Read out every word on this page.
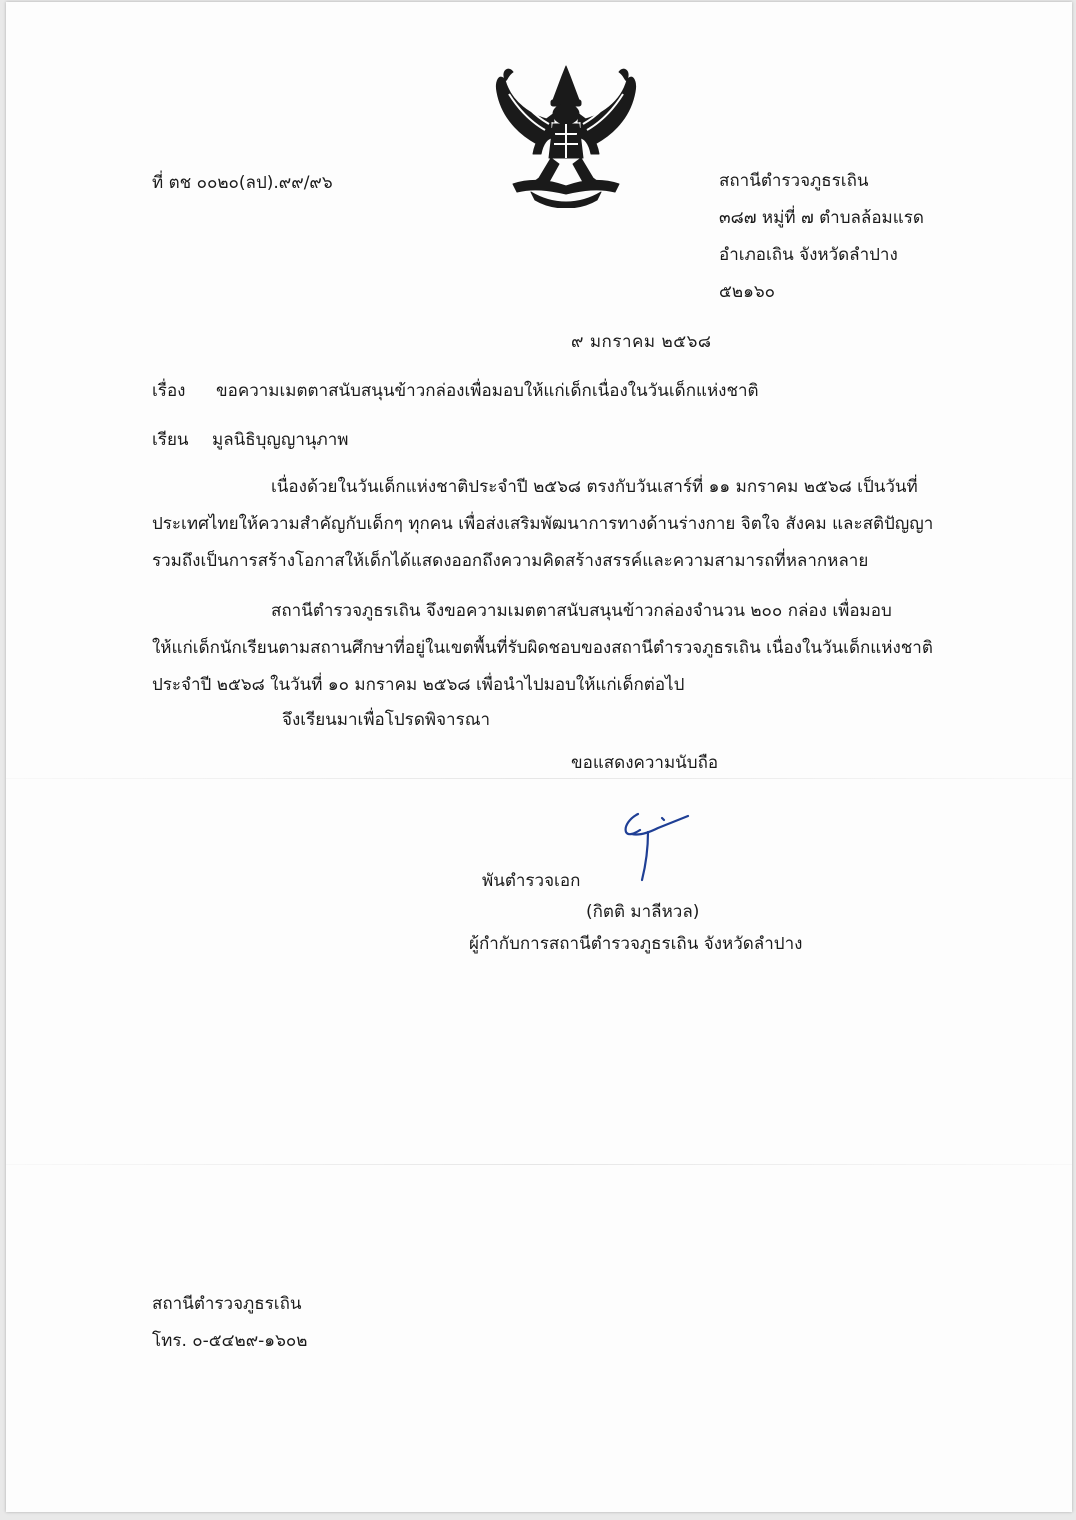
ที่ ตช ๐๐๒๐(ลป).๙๙/๙๖	สถานีตำรวจภูธรเถิน
๓๘๗ หมู่ที่ ๗ ตำบลล้อมแรด
อำเภอเถิน จังหวัดลำปาง
๕๒๑๖๐
๙ มกราคม ๒๕๖๘
เรื่อง ขอความเมตตาสนับสนุนข้าวกล่องเพื่อมอบให้แก่เด็กเนื่องในวันเด็กแห่งชาติ
เรียน มูลนิธิบุญญานุภาพ
เนื่องด้วยในวันเด็กแห่งชาติประจำปี ๒๕๖๘ ตรงกับวันเสาร์ที่ ๑๑ มกราคม ๒๕๖๘ เป็นวันที่
ประเทศไทยให้ความสำคัญกับเด็กๆ ทุกคน เพื่อส่งเสริมพัฒนาการทางด้านร่างกาย จิตใจ สังคม และสติปัญญา
รวมถึงเป็นการสร้างโอกาสให้เด็กได้แสดงออกถึงความคิดสร้างสรรค์และความสามารถที่หลากหลาย
สถานีตำรวจภูธรเถิน จึงขอความเมตตาสนับสนุนข้าวกล่องจำนวน ๒๐๐ กล่อง เพื่อมอบ
ให้แก่เด็กนักเรียนตามสถานศึกษาที่อยู่ในเขตพื้นที่รับผิดชอบของสถานีตำรวจภูธรเถิน เนื่องในวันเด็กแห่งชาติ
ประจำปี ๒๕๖๘ ในวันที่ ๑๐ มกราคม ๒๕๖๘ เพื่อนำไปมอบให้แก่เด็กต่อไป
จึงเรียนมาเพื่อโปรดพิจารณา
ขอแสดงความนับถือ
พันตำรวจเอก
(กิตติ มาลีหวล)
ผู้กำกับการสถานีตำรวจภูธรเถิน จังหวัดลำปาง
สถานีตำรวจภูธรเถิน
โทร. ๐-๕๔๒๙-๑๖๐๒
